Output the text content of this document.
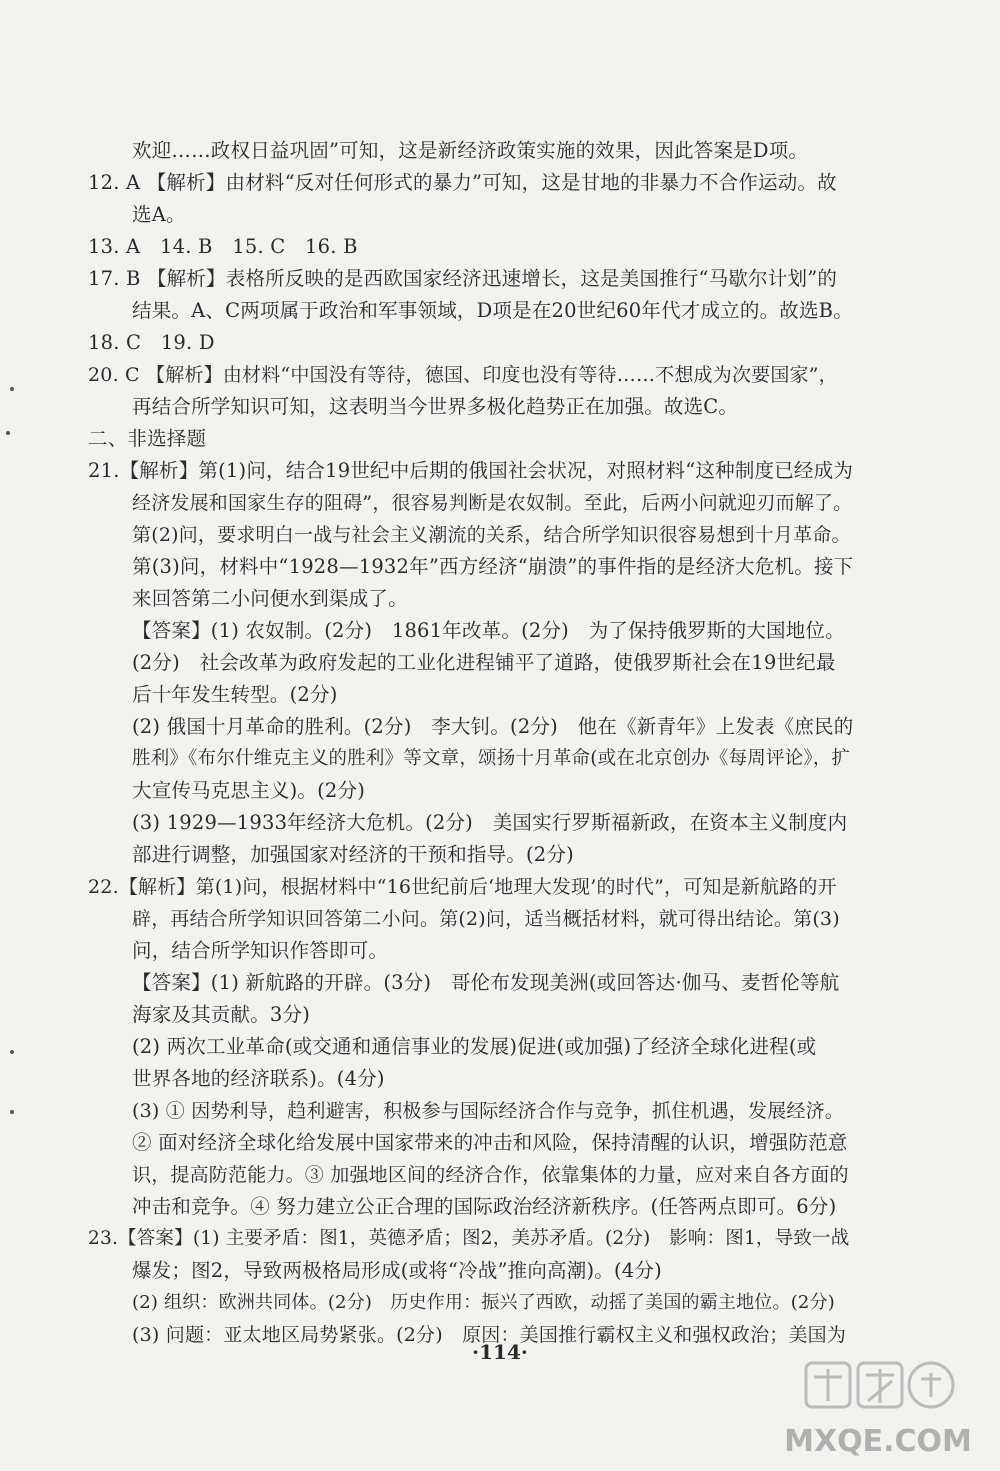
欢迎……政权日益巩固”可知，这是新经济政策实施的效果，因此答案是D项。
12. A 【解析】由材料“反对任何形式的暴力”可知，这是甘地的非暴力不合作运动。故
选A。
13. A　14. B　15. C　16. B
17. B 【解析】表格所反映的是西欧国家经济迅速增长，这是美国推行“马歇尔计划”的
结果。A、C两项属于政治和军事领域，D项是在20世纪60年代才成立的。故选B。
18. C　19. D
20. C 【解析】由材料“中国没有等待，德国、印度也没有等待……不想成为次要国家”，
再结合所学知识可知，这表明当今世界多极化趋势正在加强。故选C。
二、非选择题
21.【解析】第(1)问，结合19世纪中后期的俄国社会状况，对照材料“这种制度已经成为
经济发展和国家生存的阻碍”，很容易判断是农奴制。至此，后两小问就迎刃而解了。
第(2)问，要求明白一战与社会主义潮流的关系，结合所学知识很容易想到十月革命。
第(3)问，材料中“1928—1932年”西方经济“崩溃”的事件指的是经济大危机。接下
来回答第二小问便水到渠成了。
【答案】(1) 农奴制。(2分)　1861年改革。(2分)　为了保持俄罗斯的大国地位。
(2分)　社会改革为政府发起的工业化进程铺平了道路，使俄罗斯社会在19世纪最
后十年发生转型。(2分)
(2) 俄国十月革命的胜利。(2分)　李大钊。(2分)　他在《新青年》上发表《庶民的
胜利》《布尔什维克主义的胜利》等文章，颂扬十月革命(或在北京创办《每周评论》，扩
大宣传马克思主义)。(2分)
(3) 1929—1933年经济大危机。(2分)　美国实行罗斯福新政，在资本主义制度内
部进行调整，加强国家对经济的干预和指导。(2分)
22.【解析】第(1)问，根据材料中“16世纪前后‘地理大发现’的时代”，可知是新航路的开
辟，再结合所学知识回答第二小问。第(2)问，适当概括材料，就可得出结论。第(3)
问，结合所学知识作答即可。
【答案】(1) 新航路的开辟。(3分)　哥伦布发现美洲(或回答达·伽马、麦哲伦等航
海家及其贡献。3分)
(2) 两次工业革命(或交通和通信事业的发展)促进(或加强)了经济全球化进程(或
世界各地的经济联系)。(4分)
(3) ① 因势利导，趋利避害，积极参与国际经济合作与竞争，抓住机遇，发展经济。
② 面对经济全球化给发展中国家带来的冲击和风险，保持清醒的认识，增强防范意
识，提高防范能力。③ 加强地区间的经济合作，依靠集体的力量，应对来自各方面的
冲击和竞争。④ 努力建立公正合理的国际政治经济新秩序。(任答两点即可。6分)
23.【答案】(1) 主要矛盾：图1，英德矛盾；图2，美苏矛盾。(2分)　影响：图1，导致一战
爆发；图2，导致两极格局形成(或将“冷战”推向高潮)。(4分)
(2) 组织：欧洲共同体。(2分)　历史作用：振兴了西欧，动摇了美国的霸主地位。(2分)
(3) 问题：亚太地区局势紧张。(2分)　原因：美国推行霸权主义和强权政治；美国为
·114·
MXQE.COM
